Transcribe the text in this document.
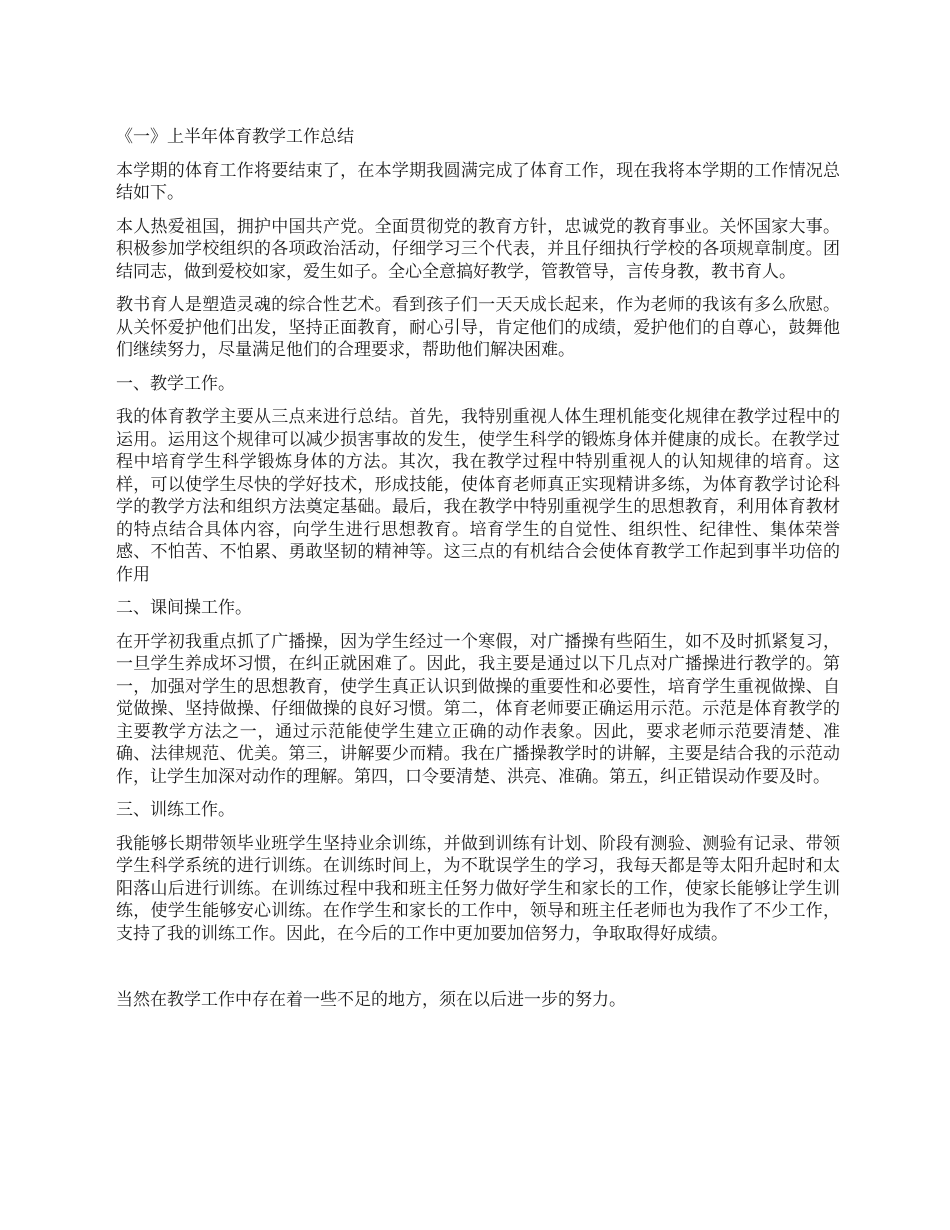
《一》上半年体育教学工作总结

本学期的体育工作将要结束了，在本学期我圆满完成了体育工作，现在我将本学期的工作情况总结如下。

本人热爱祖国，拥护中国共产党。全面贯彻党的教育方针，忠诚党的教育事业。关怀国家大事。积极参加学校组织的各项政治活动，仔细学习三个代表，并且仔细执行学校的各项规章制度。团结同志，做到爱校如家，爱生如子。全心全意搞好教学，管教管导，言传身教，教书育人。

教书育人是塑造灵魂的综合性艺术。看到孩子们一天天成长起来，作为老师的我该有多么欣慰。从关怀爱护他们出发，坚持正面教育，耐心引导，肯定他们的成绩，爱护他们的自尊心，鼓舞他们继续努力，尽量满足他们的合理要求，帮助他们解决困难。

一、教学工作。

我的体育教学主要从三点来进行总结。首先，我特别重视人体生理机能变化规律在教学过程中的运用。运用这个规律可以减少损害事故的发生，使学生科学的锻炼身体并健康的成长。在教学过程中培育学生科学锻炼身体的方法。其次，我在教学过程中特别重视人的认知规律的培育。这样，可以使学生尽快的学好技术，形成技能，使体育老师真正实现精讲多练，为体育教学讨论科学的教学方法和组织方法奠定基础。最后，我在教学中特别重视学生的思想教育，利用体育教材的特点结合具体内容，向学生进行思想教育。培育学生的自觉性、组织性、纪律性、集体荣誉感、不怕苦、不怕累、勇敢坚韧的精神等。这三点的有机结合会使体育教学工作起到事半功倍的作用

二、课间操工作。

在开学初我重点抓了广播操，因为学生经过一个寒假，对广播操有些陌生，如不及时抓紧复习，一旦学生养成坏习惯，在纠正就困难了。因此，我主要是通过以下几点对广播操进行教学的。第一，加强对学生的思想教育，使学生真正认识到做操的重要性和必要性，培育学生重视做操、自觉做操、坚持做操、仔细做操的良好习惯。第二，体育老师要正确运用示范。示范是体育教学的主要教学方法之一，通过示范能使学生建立正确的动作表象。因此，要求老师示范要清楚、准确、法律规范、优美。第三，讲解要少而精。我在广播操教学时的讲解，主要是结合我的示范动作，让学生加深对动作的理解。第四，口令要清楚、洪亮、准确。第五，纠正错误动作要及时。

三、训练工作。

我能够长期带领毕业班学生坚持业余训练，并做到训练有计划、阶段有测验、测验有记录、带领学生科学系统的进行训练。在训练时间上，为不耽误学生的学习，我每天都是等太阳升起时和太阳落山后进行训练。在训练过程中我和班主任努力做好学生和家长的工作，使家长能够让学生训练，使学生能够安心训练。在作学生和家长的工作中，领导和班主任老师也为我作了不少工作，支持了我的训练工作。因此，在今后的工作中更加要加倍努力，争取取得好成绩。

当然在教学工作中存在着一些不足的地方，须在以后进一步的努力。
